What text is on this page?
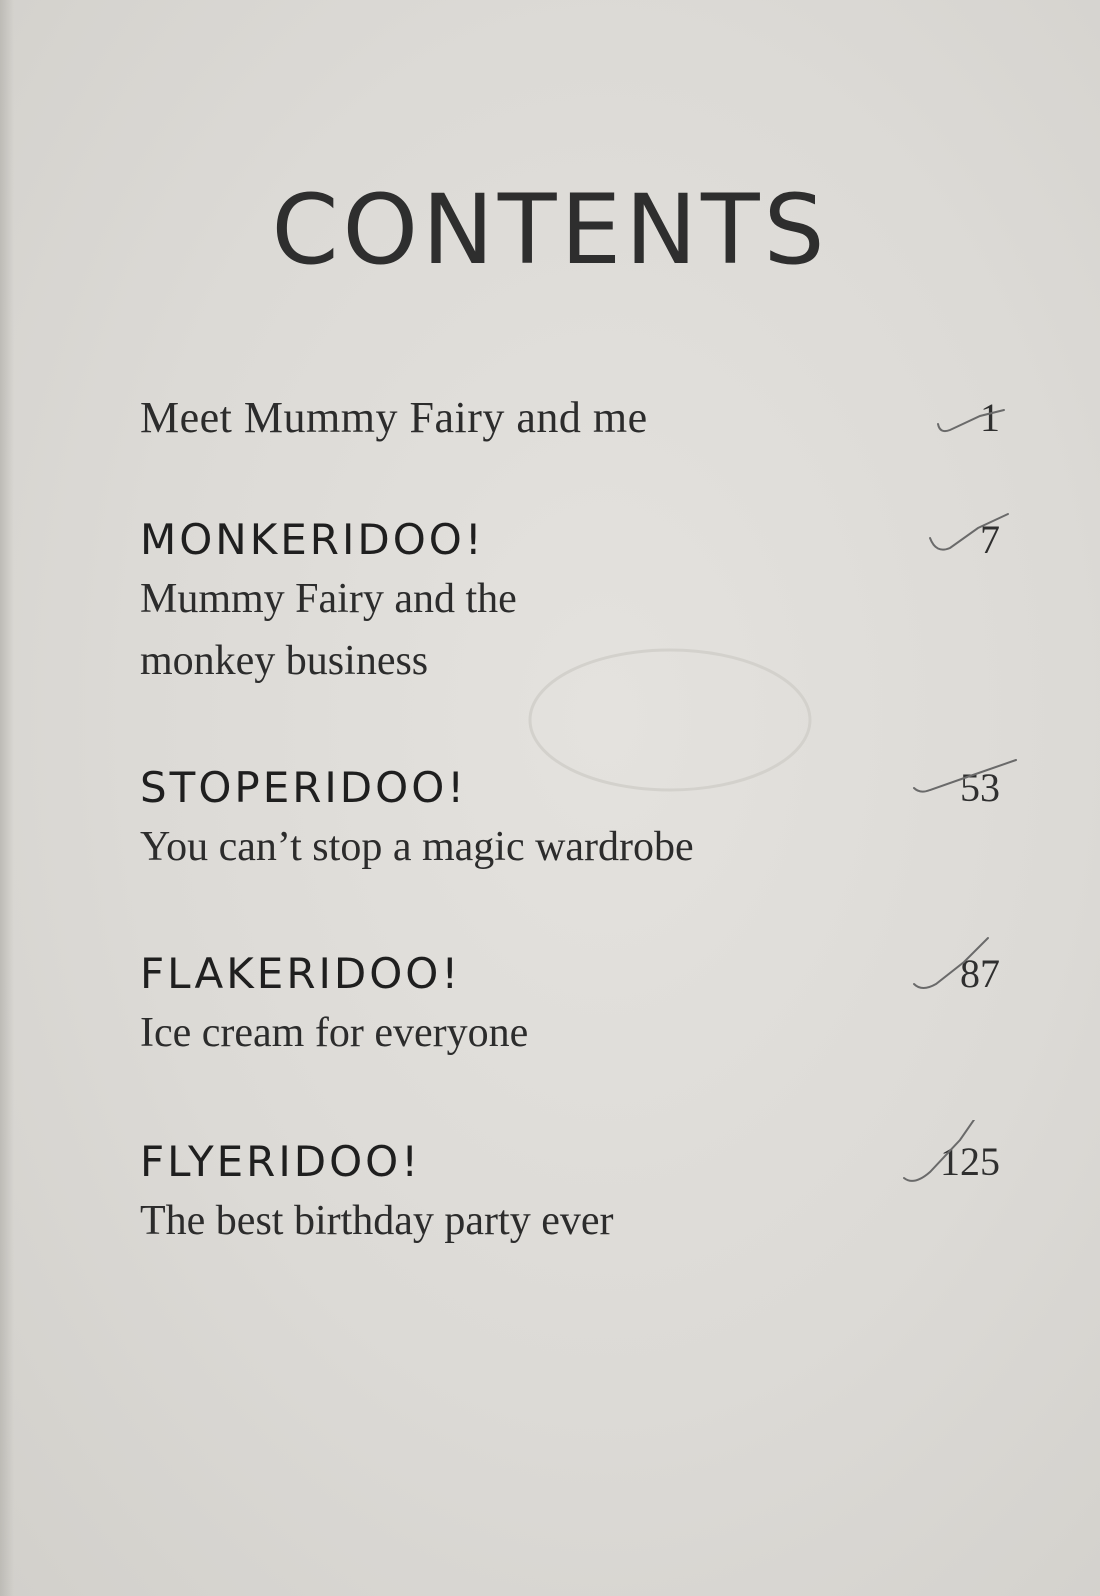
CONTENTS
Meet Mummy Fairy and me	1
MONKERIDOO!
Mummy Fairy and the monkey business
7
STOPERIDOO!
You can’t stop a magic wardrobe
53
FLAKERIDOO!
Ice cream for everyone
87
FLYERIDOO!
The best birthday party ever
125
